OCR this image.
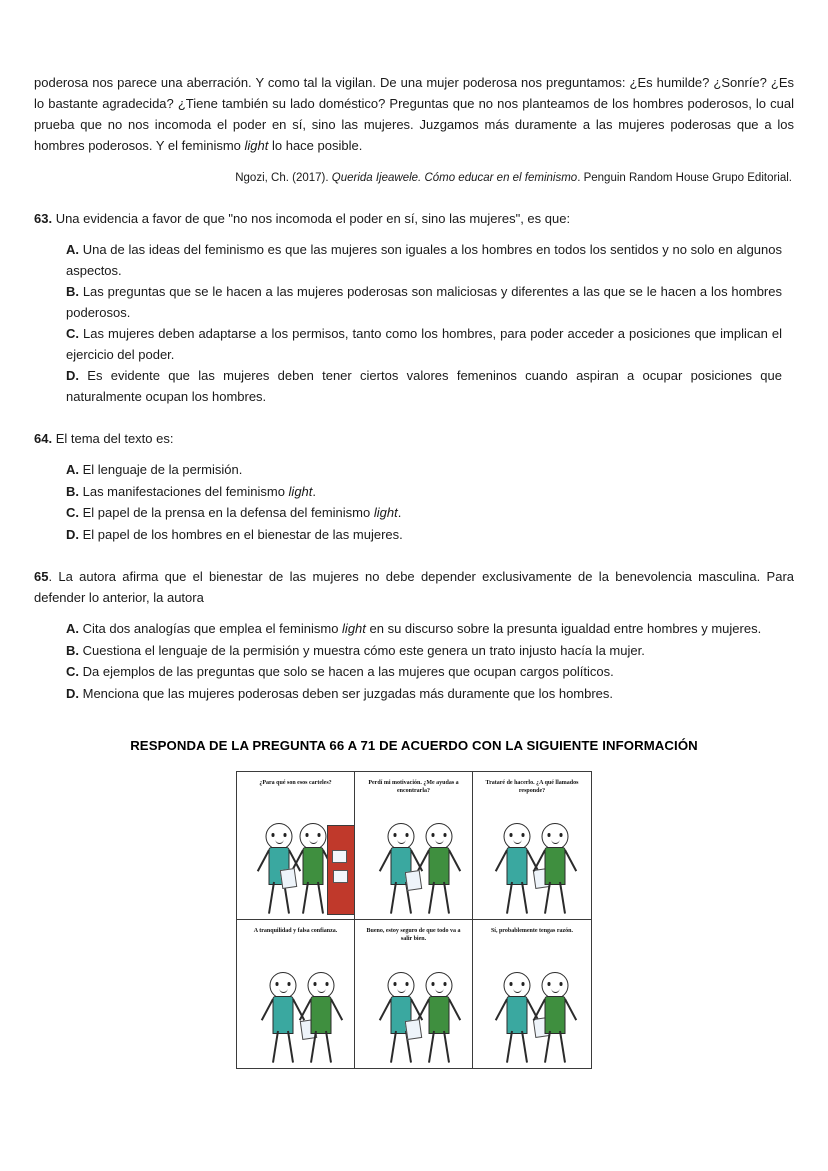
poderosa nos parece una aberración. Y como tal la vigilan. De una mujer poderosa nos preguntamos: ¿Es humilde? ¿Sonríe? ¿Es lo bastante agradecida? ¿Tiene también su lado doméstico? Preguntas que no nos planteamos de los hombres poderosos, lo cual prueba que no nos incomoda el poder en sí, sino las mujeres. Juzgamos más duramente a las mujeres poderosas que a los hombres poderosos. Y el feminismo light lo hace posible.

Ngozi, Ch. (2017). Querida Ijeawele. Cómo educar en el feminismo. Penguin Random House Grupo Editorial.

63. Una evidencia a favor de que "no nos incomoda el poder en sí, sino las mujeres", es que:

A. Una de las ideas del feminismo es que las mujeres son iguales a los hombres en todos los sentidos y no solo en algunos aspectos.
B. Las preguntas que se le hacen a las mujeres poderosas son maliciosas y diferentes a las que se le hacen a los hombres poderosos.
C. Las mujeres deben adaptarse a los permisos, tanto como los hombres, para poder acceder a posiciones que implican el ejercicio del poder.
D. Es evidente que las mujeres deben tener ciertos valores femeninos cuando aspiran a ocupar posiciones que naturalmente ocupan los hombres.

64. El tema del texto es:

A. El lenguaje de la permisión.
B. Las manifestaciones del feminismo light.
C. El papel de la prensa en la defensa del feminismo light.
D. El papel de los hombres en el bienestar de las mujeres.

65. La autora afirma que el bienestar de las mujeres no debe depender exclusivamente de la benevolencia masculina. Para defender lo anterior, la autora

A. Cita dos analogías que emplea el feminismo light en su discurso sobre la presunta igualdad entre hombres y mujeres.
B. Cuestiona el lenguaje de la permisión y muestra cómo este genera un trato injusto hacía la mujer.
C. Da ejemplos de las preguntas que solo se hacen a las mujeres que ocupan cargos políticos.
D. Menciona que las mujeres poderosas deben ser juzgadas más duramente que los hombres.

RESPONDA DE LA PREGUNTA 66 A 71 DE ACUERDO CON LA SIGUIENTE INFORMACIÓN

¿Para qué son esos carteles?	Perdí mi motivación. ¿Me ayudas a encontrarla?
Trataré de hacerlo. ¿A qué llamados responde?
A tranquilidad y falsa confianza.	Bueno, estoy seguro de que todo va a salir bien.
Sí, probablemente tengas razón.
